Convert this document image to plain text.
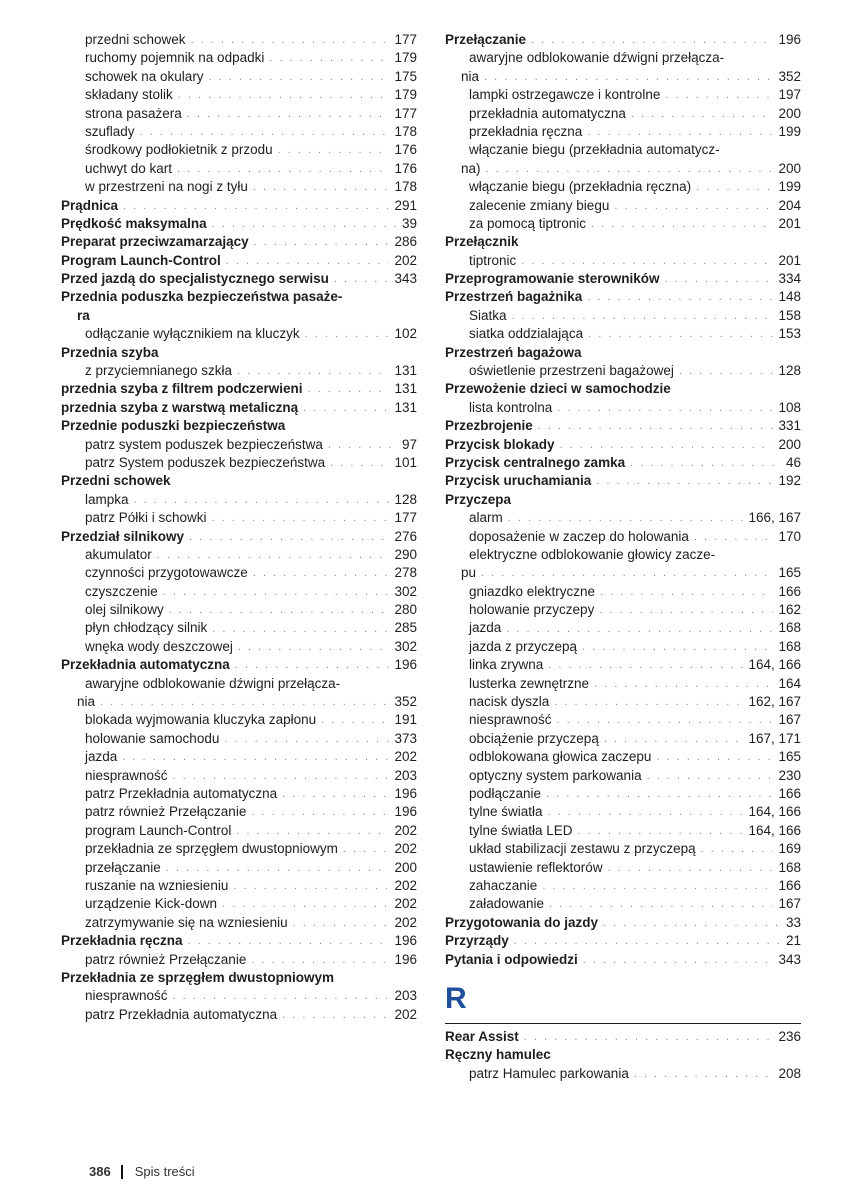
przedni schowek . . .	177
ruchomy pojemnik na odpadki . . .	179
schowek na okulary . . .	175
składany stolik . . .	179
strona pasażera . . .	177
szuflady . . .	178
środkowy podłokietnik z przodu . . .	176
uchwyt do kart . . .	176
w przestrzeni na nogi z tyłu . . .	178
Prądnica . . .	291
Prędkość maksymalna . . .	39
Preparat przeciwzamarzający . . .	286
Program Launch-Control . . .	202
Przed jazdą do specjalistycznego serwisu . . .	343
Przednia poduszka bezpieczeństwa pasaże-
ra
odłączanie wyłącznikiem na kluczyk . . .	102
Przednia szyba
z przyciemnianego szkła . . .	131
przednia szyba z filtrem podczerwieni . . .	131
przednia szyba z warstwą metaliczną . . .	131
Przednie poduszki bezpieczeństwa
patrz system poduszek bezpieczeństwa . . .	97
patrz System poduszek bezpieczeństwa . . .	101
Przedni schowek
lampka . . .	128
patrz Półki i schowki . . .	177
Przedział silnikowy . . .	276
akumulator . . .	290
czynności przygotowawcze . . .	278
czyszczenie . . .	302
olej silnikowy . . .	280
płyn chłodzący silnik . . .	285
wnęka wody deszczowej . . .	302
Przekładnia automatyczna . . .	196
awaryjne odblokowanie dźwigni przełącza-
nia . . .	352
blokada wyjmowania kluczyka zapłonu . . .	191
holowanie samochodu . . .	373
jazda . . .	202
niesprawność . . .	203
patrz Przekładnia automatyczna . . .	196
patrz również Przełączanie . . .	196
program Launch-Control . . .	202
przekładnia ze sprzęgłem dwustopniowym . . .	202
przełączanie . . .	200
ruszanie na wzniesieniu . . .	202
urządzenie Kick-down . . .	202
zatrzymywanie się na wzniesieniu . . .	202
Przekładnia ręczna . . .	196
patrz również Przełączanie . . .	196
Przekładnia ze sprzęgłem dwustopniowym
niesprawność . . .	203
patrz Przekładnia automatyczna . . .	202
Przełączanie . . .	196
awaryjne odblokowanie dźwigni przełącza-
nia . . .	352
lampki ostrzegawcze i kontrolne . . .	197
przekładnia automatyczna . . .	200
przekładnia ręczna . . .	199
włączanie biegu (przekładnia automatycz-
na) . . .	200
włączanie biegu (przekładnia ręczna) . . .	199
zalecenie zmiany biegu . . .	204
za pomocą tiptronic . . .	201
Przełącznik
tiptronic . . .	201
Przeprogramowanie sterowników . . .	334
Przestrzeń bagażnika . . .	148
Siatka . . .	158
siatka oddzialająca . . .	153
Przestrzeń bagażowa
oświetlenie przestrzeni bagażowej . . .	128
Przewożenie dzieci w samochodzie
lista kontrolna . . .	108
Przezbrojenie . . .	331
Przycisk blokady . . .	200
Przycisk centralnego zamka . . .	46
Przycisk uruchamiania . . .	192
Przyczepa
alarm . . .	166, 167
doposażenie w zaczep do holowania . . .	170
elektryczne odblokowanie głowicy zacze-
pu . . .	165
gniazdko elektryczne . . .	166
holowanie przyczepy . . .	162
jazda . . .	168
jazda z przyczepą . . .	168
linka zrywna . . .	164, 166
lusterka zewnętrzne . . .	164
nacisk dyszla . . .	162, 167
niesprawność . . .	167
obciążenie przyczepą . . .	167, 171
odblokowana głowica zaczepu . . .	165
optyczny system parkowania . . .	230
podłączanie . . .	166
tylne światła . . .	164, 166
tylne światła LED . . .	164, 166
układ stabilizacji zestawu z przyczepą . . .	169
ustawienie reflektorów . . .	168
zahaczanie . . .	166
załadowanie . . .	167
Przygotowania do jazdy . . .	33
Przyrządy . . .	21
Pytania i odpowiedzi . . .	343
R
Rear Assist . . .	236
Ręczny hamulec
patrz Hamulec parkowania . . .	208
386 Spis treści
